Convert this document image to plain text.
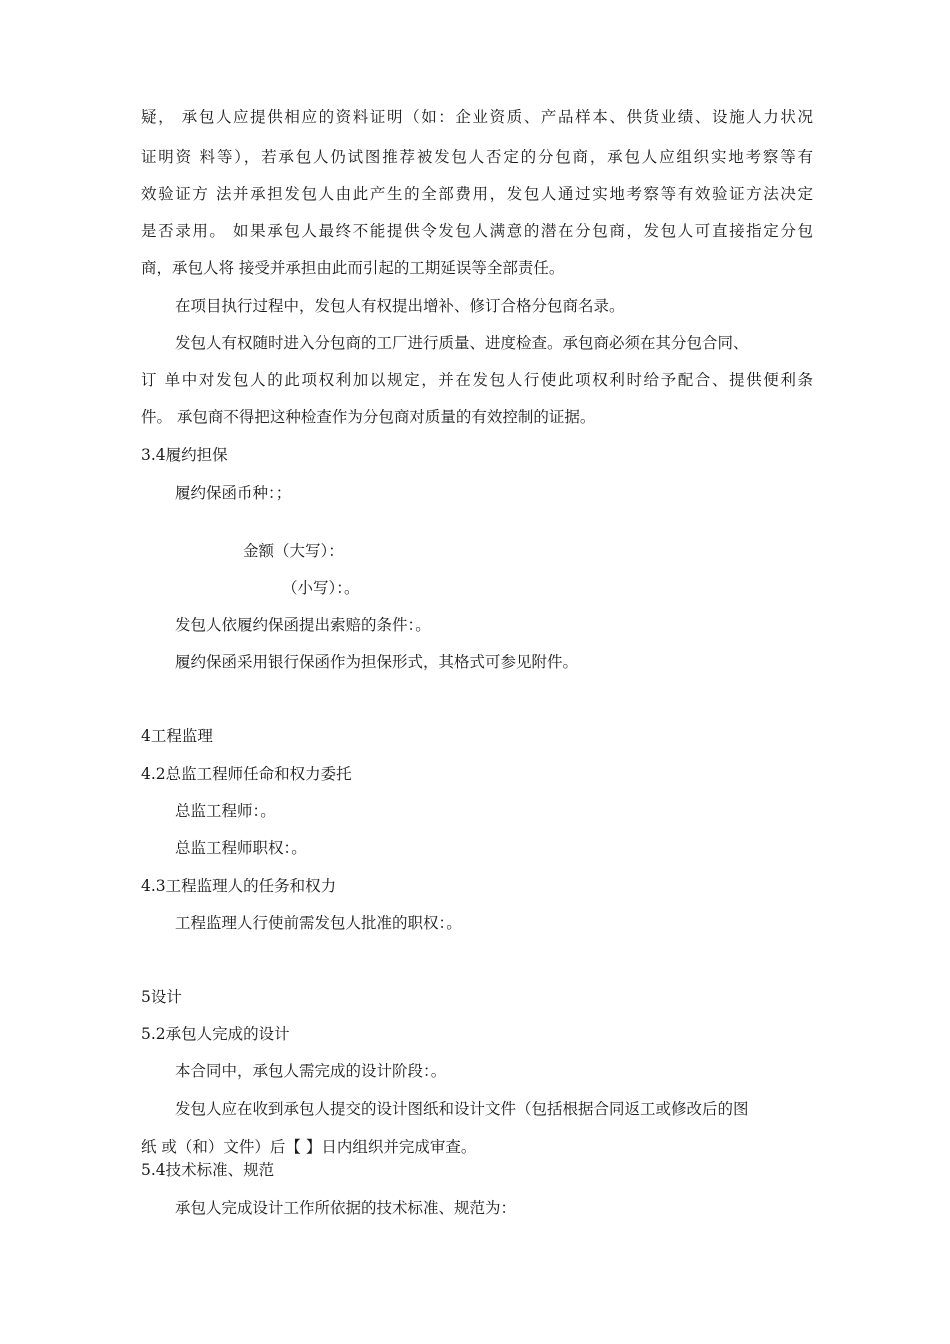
疑， 承包人应提供相应的资料证明（如：企业资质、产品样本、供货业绩、设施人力状况
证明资 料等），若承包人仍试图推荐被发包人否定的分包商，承包人应组织实地考察等有
效验证方 法并承担发包人由此产生的全部费用，发包人通过实地考察等有效验证方法决定
是否录用。 如果承包人最终不能提供令发包人满意的潜在分包商，发包人可直接指定分包
商，承包人将 接受并承担由此而引起的工期延误等全部责任。
在项目执行过程中，发包人有权提出增补、修订合格分包商名录。
发包人有权随时进入分包商的工厂进行质量、进度检查。承包商必须在其分包合同、
订 单中对发包人的此项权利加以规定，并在发包人行使此项权利时给予配合、提供便利条
件。 承包商不得把这种检查作为分包商对质量的有效控制的证据。
3.4履约担保
履约保函币种：；
金额（大写）：
（小写）：。
发包人依履约保函提出索赔的条件：。
履约保函采用银行保函作为担保形式，其格式可参见附件。
4工程监理
4.2总监工程师任命和权力委托
总监工程师：。
总监工程师职权：。
4.3工程监理人的任务和权力
工程监理人行使前需发包人批准的职权：。
5设计
5.2承包人完成的设计
本合同中，承包人需完成的设计阶段：。
发包人应在收到承包人提交的设计图纸和设计文件（包括根据合同返工或修改后的图
纸 或（和）文件）后【 】日内组织并完成审查。
5.4技术标准、规范
承包人完成设计工作所依据的技术标准、规范为：
